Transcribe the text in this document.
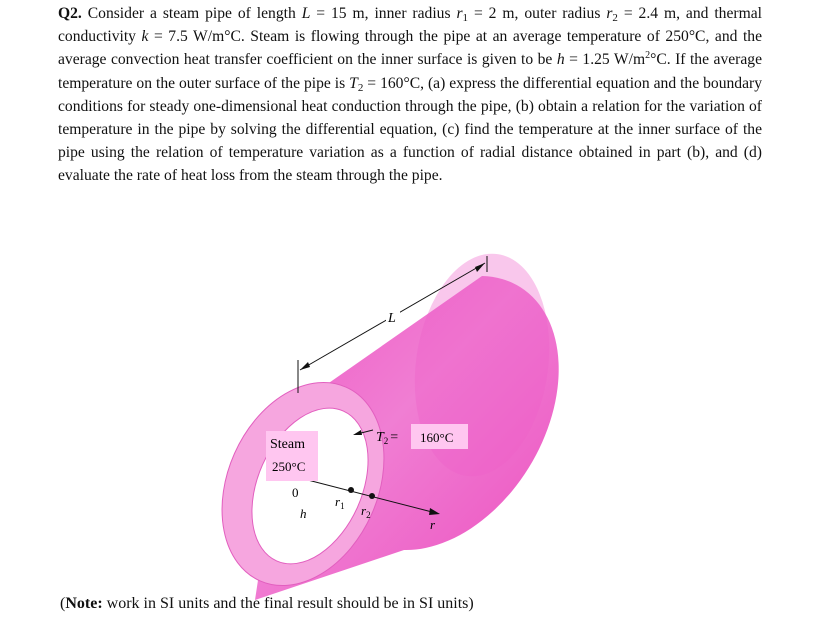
Q2. Consider a steam pipe of length L = 15 m, inner radius $r_1 = 2$ m, outer radius $r_2 = 2.4$ m, and thermal conductivity k = 7.5 W/m°C. Steam is flowing through the pipe at an average temperature of 250°C, and the average convection heat transfer coefficient on the inner surface is given to be h = 1.25 $W/m^2^\circ C$. If the average temperature on the outer surface of the pipe is $T_2 = 160^\circ C$, (a) express the differential equation and the boundary conditions for steady one-dimensional heat conduction through the pipe, (b) obtain a relation for the variation of temperature in the pipe by solving the differential equation, (c) find the temperature at the inner surface of the pipe using the relation of temperature variation as a function of radial distance obtained in part (b), and (d) evaluate the rate of heat loss from the steam through the pipe.

L
0
h
$r_1$ $r_2$
r
Steam
250°C
$T_2 = 160^\circ C$

(Note: work in SI units and the final result should be in SI units)
